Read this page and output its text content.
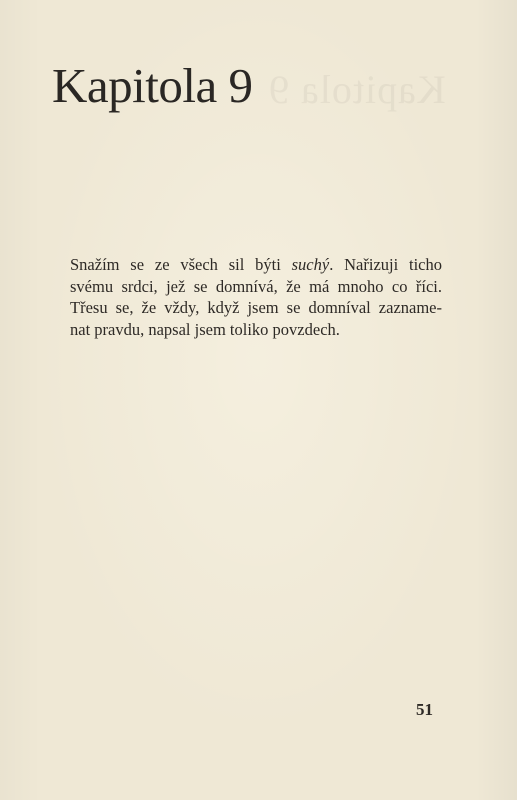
Kapitola 9
Kapitola 9

Snažím se ze všech sil býti suchý. Nařizuji ticho
svému srdci, jež se domnívá, že má mnoho co říci.
Třesu se, že vždy, když jsem se domníval zazname-
nat pravdu, napsal jsem toliko povzdech.

51
